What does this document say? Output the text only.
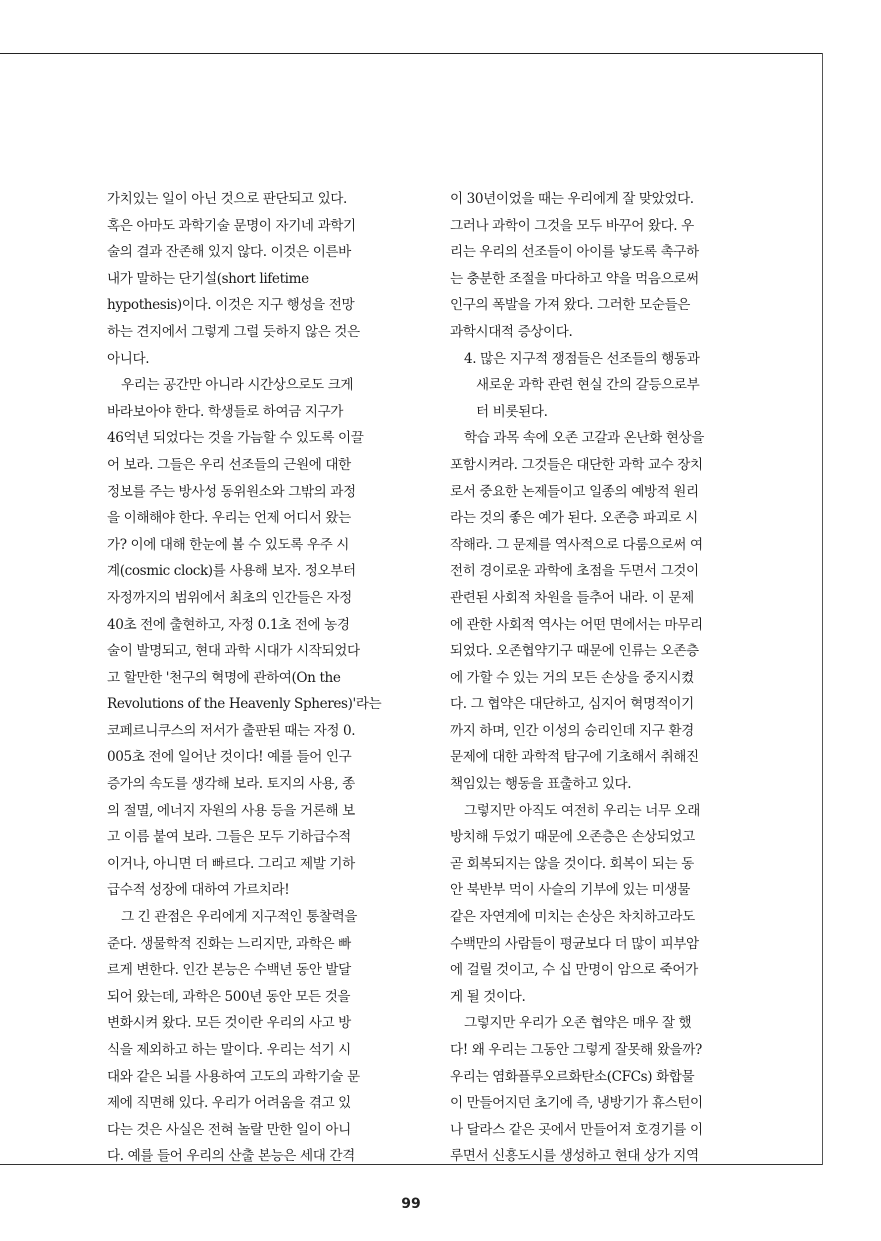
가치있는 일이 아닌 것으로 판단되고 있다.
혹은 아마도 과학기술 문명이 자기네 과학기
술의 결과 잔존해 있지 않다. 이것은 이른바
내가 말하는 단기설(short lifetime
hypothesis)이다. 이것은 지구 행성을 전망
하는 견지에서 그렇게 그럴 듯하지 않은 것은
아니다.
우리는 공간만 아니라 시간상으로도 크게
바라보아야 한다. 학생들로 하여금 지구가
46억년 되었다는 것을 가늠할 수 있도록 이끌
어 보라. 그들은 우리 선조들의 근원에 대한
정보를 주는 방사성 동위원소와 그밖의 과정
을 이해해야 한다. 우리는 언제 어디서 왔는
가? 이에 대해 한눈에 볼 수 있도록 우주 시
계(cosmic clock)를 사용해 보자. 정오부터
자정까지의 범위에서 최초의 인간들은 자정
40초 전에 출현하고, 자정 0.1초 전에 농경
술이 발명되고, 현대 과학 시대가 시작되었다
고 할만한 '천구의 혁명에 관하여(On the
Revolutions of the Heavenly Spheres)'라는
코페르니쿠스의 저서가 출판된 때는 자정 0.
005초 전에 일어난 것이다! 예를 들어 인구
증가의 속도를 생각해 보라. 토지의 사용, 종
의 절멸, 에너지 자원의 사용 등을 거론해 보
고 이름 붙여 보라. 그들은 모두 기하급수적
이거나, 아니면 더 빠르다. 그리고 제발 기하
급수적 성장에 대하여 가르치라!
그 긴 관점은 우리에게 지구적인 통찰력을
준다. 생물학적 진화는 느리지만, 과학은 빠
르게 변한다. 인간 본능은 수백년 동안 발달
되어 왔는데, 과학은 500년 동안 모든 것을
변화시켜 왔다. 모든 것이란 우리의 사고 방
식을 제외하고 하는 말이다. 우리는 석기 시
대와 같은 뇌를 사용하여 고도의 과학기술 문
제에 직면해 있다. 우리가 어려움을 겪고 있
다는 것은 사실은 전혀 놀랄 만한 일이 아니
다. 예를 들어 우리의 산출 본능은 세대 간격
이 30년이었을 때는 우리에게 잘 맞았었다.
그러나 과학이 그것을 모두 바꾸어 왔다. 우
리는 우리의 선조들이 아이를 낳도록 촉구하
는 충분한 조절을 마다하고 약을 먹음으로써
인구의 폭발을 가져 왔다. 그러한 모순들은
과학시대적 증상이다.
4. 많은 지구적 쟁점들은 선조들의 행동과
새로운 과학 관련 현실 간의 갈등으로부
터 비롯된다.
학습 과목 속에 오존 고갈과 온난화 현상을
포함시켜라. 그것들은 대단한 과학 교수 장치
로서 중요한 논제들이고 일종의 예방적 원리
라는 것의 좋은 예가 된다. 오존층 파괴로 시
작해라. 그 문제를 역사적으로 다룸으로써 여
전히 경이로운 과학에 초점을 두면서 그것이
관련된 사회적 차원을 들추어 내라. 이 문제
에 관한 사회적 역사는 어떤 면에서는 마무리
되었다. 오존협약기구 때문에 인류는 오존층
에 가할 수 있는 거의 모든 손상을 중지시켰
다. 그 협약은 대단하고, 심지어 혁명적이기
까지 하며, 인간 이성의 승리인데 지구 환경
문제에 대한 과학적 탐구에 기초해서 취해진
책임있는 행동을 표출하고 있다.
그렇지만 아직도 여전히 우리는 너무 오래
방치해 두었기 때문에 오존층은 손상되었고
곧 회복되지는 않을 것이다. 회복이 되는 동
안 북반부 먹이 사슬의 기부에 있는 미생물
같은 자연계에 미치는 손상은 차치하고라도
수백만의 사람들이 평균보다 더 많이 피부암
에 걸릴 것이고, 수 십 만명이 암으로 죽어가
게 될 것이다.
그렇지만 우리가 오존 협약은 매우 잘 했
다! 왜 우리는 그동안 그렇게 잘못해 왔을까?
우리는 염화플루오르화탄소(CFCs) 화합물
이 만들어지던 초기에 즉, 냉방기가 휴스턴이
나 달라스 같은 곳에서 만들어져 호경기를 이
루면서 신흥도시를 생성하고 현대 상가 지역
99
